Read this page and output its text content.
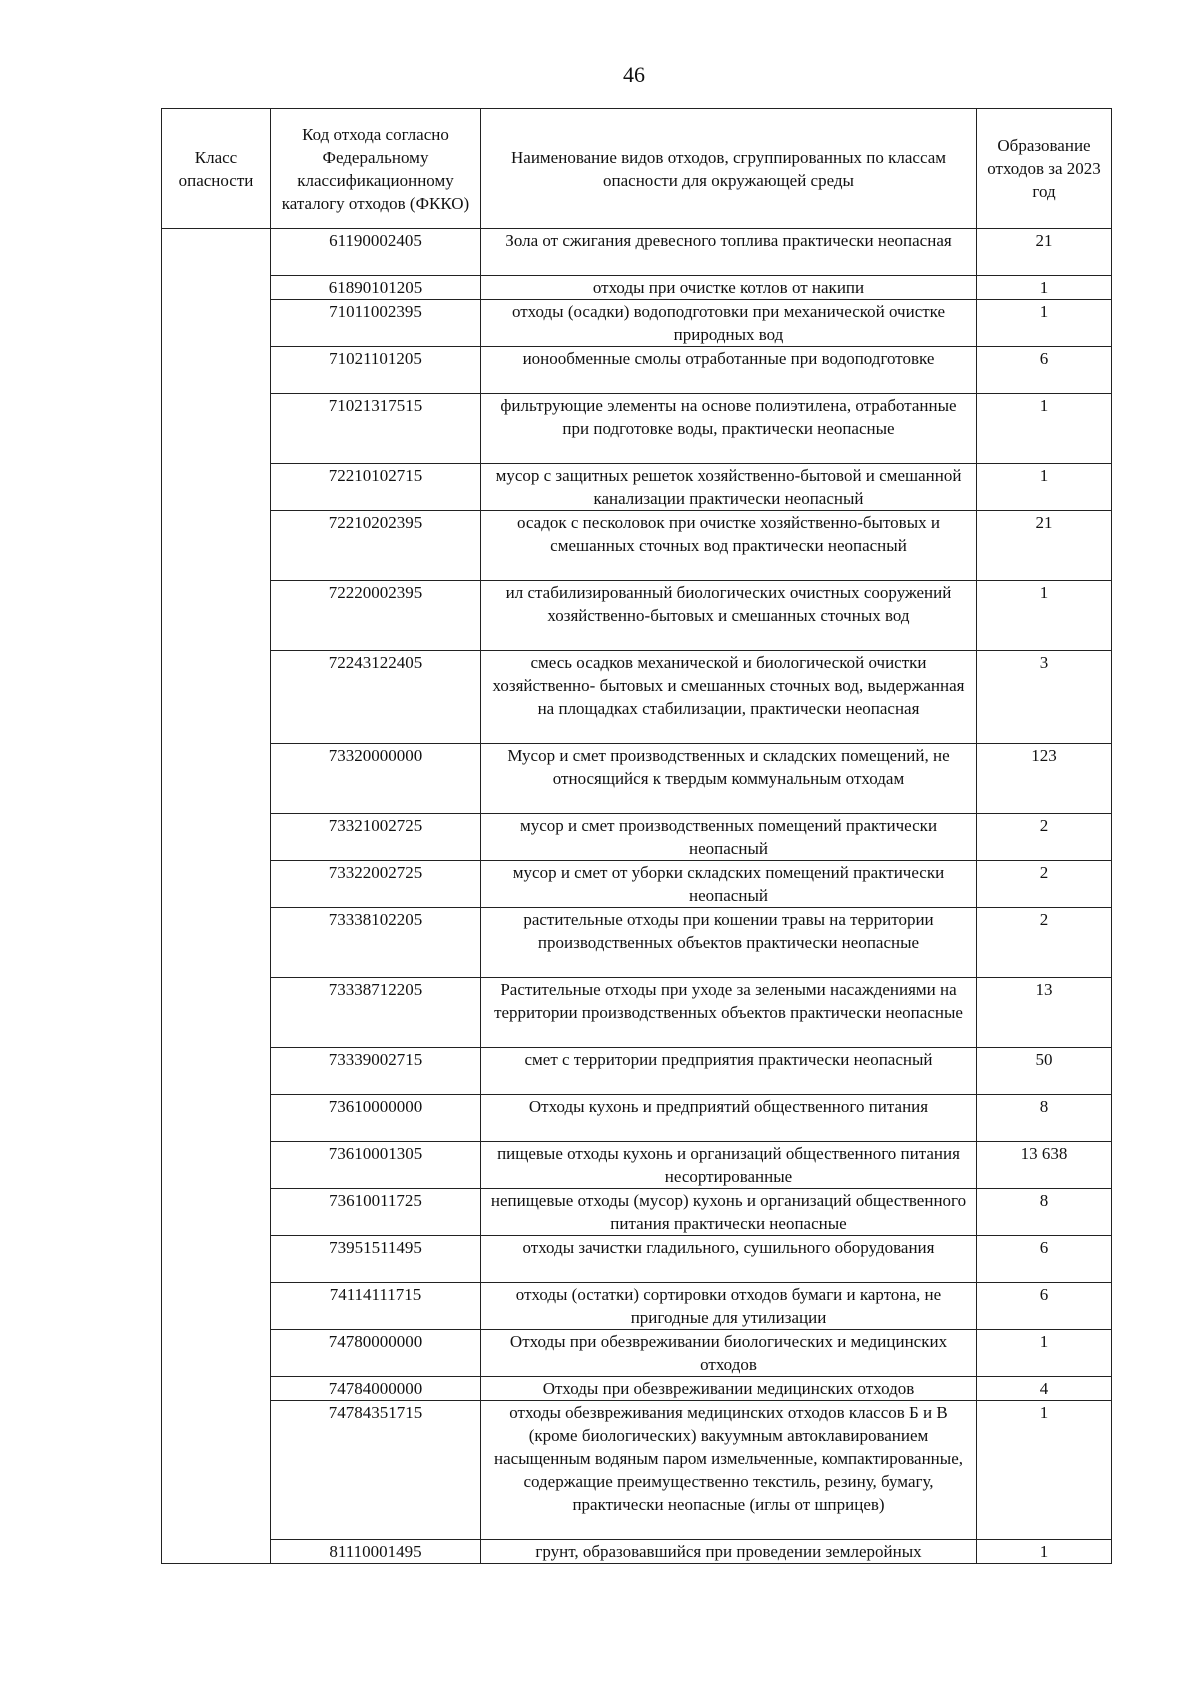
46
Класс опасности	Код отхода согласно Федеральному классификационному каталогу отходов (ФККО)	Наименование видов отходов, сгруппированных по классам опасности для окружающей среды	Образование отходов за 2023 год
	61190002405	Зола от сжигания древесного топлива практически неопасная	21
	61890101205	отходы при очистке котлов от накипи	1
	71011002395	отходы (осадки) водоподготовки при механической очистке природных вод	1
	71021101205	ионообменные смолы отработанные при водоподготовке	6
	71021317515	фильтрующие элементы на основе полиэтилена, отработанные при подготовке воды, практически неопасные	1
	72210102715	мусор с защитных решеток хозяйственно-бытовой и смешанной канализации практически неопасный	1
	72210202395	осадок с песколовок при очистке хозяйственно-бытовых и смешанных сточных вод практически неопасный	21
	72220002395	ил стабилизированный биологических очистных сооружений хозяйственно-бытовых и смешанных сточных вод	1
	72243122405	смесь осадков механической и биологической очистки хозяйственно- бытовых и смешанных сточных вод, выдержанная на площадках стабилизации, практически неопасная	3
	73320000000	Мусор и смет производственных и складских помещений, не относящийся к твердым коммунальным отходам	123
	73321002725	мусор и смет производственных помещений практически неопасный	2
	73322002725	мусор и смет от уборки складских помещений практически неопасный	2
	73338102205	растительные отходы при кошении травы на территории производственных объектов практически неопасные	2
	73338712205	Растительные отходы при уходе за зелеными насаждениями на территории производственных объектов практически неопасные	13
	73339002715	смет с территории предприятия практически неопасный	50
	73610000000	Отходы кухонь и предприятий общественного питания	8
	73610001305	пищевые отходы кухонь и организаций общественного питания несортированные	13 638
	73610011725	непищевые отходы (мусор) кухонь и организаций общественного питания практически неопасные	8
	73951511495	отходы зачистки гладильного, сушильного оборудования	6
	74114111715	отходы (остатки) сортировки отходов бумаги и картона, не пригодные для утилизации	6
	74780000000	Отходы при обезвреживании биологических и медицинских отходов	1
	74784000000	Отходы при обезвреживании медицинских отходов	4
	74784351715	отходы обезвреживания медицинских отходов классов Б и В (кроме биологических) вакуумным автоклавированием насыщенным водяным паром измельченные, компактированные, содержащие преимущественно текстиль, резину, бумагу, практически неопасные (иглы от шприцев)	1
	81110001495	грунт, образовавшийся при проведении землеройных	1
